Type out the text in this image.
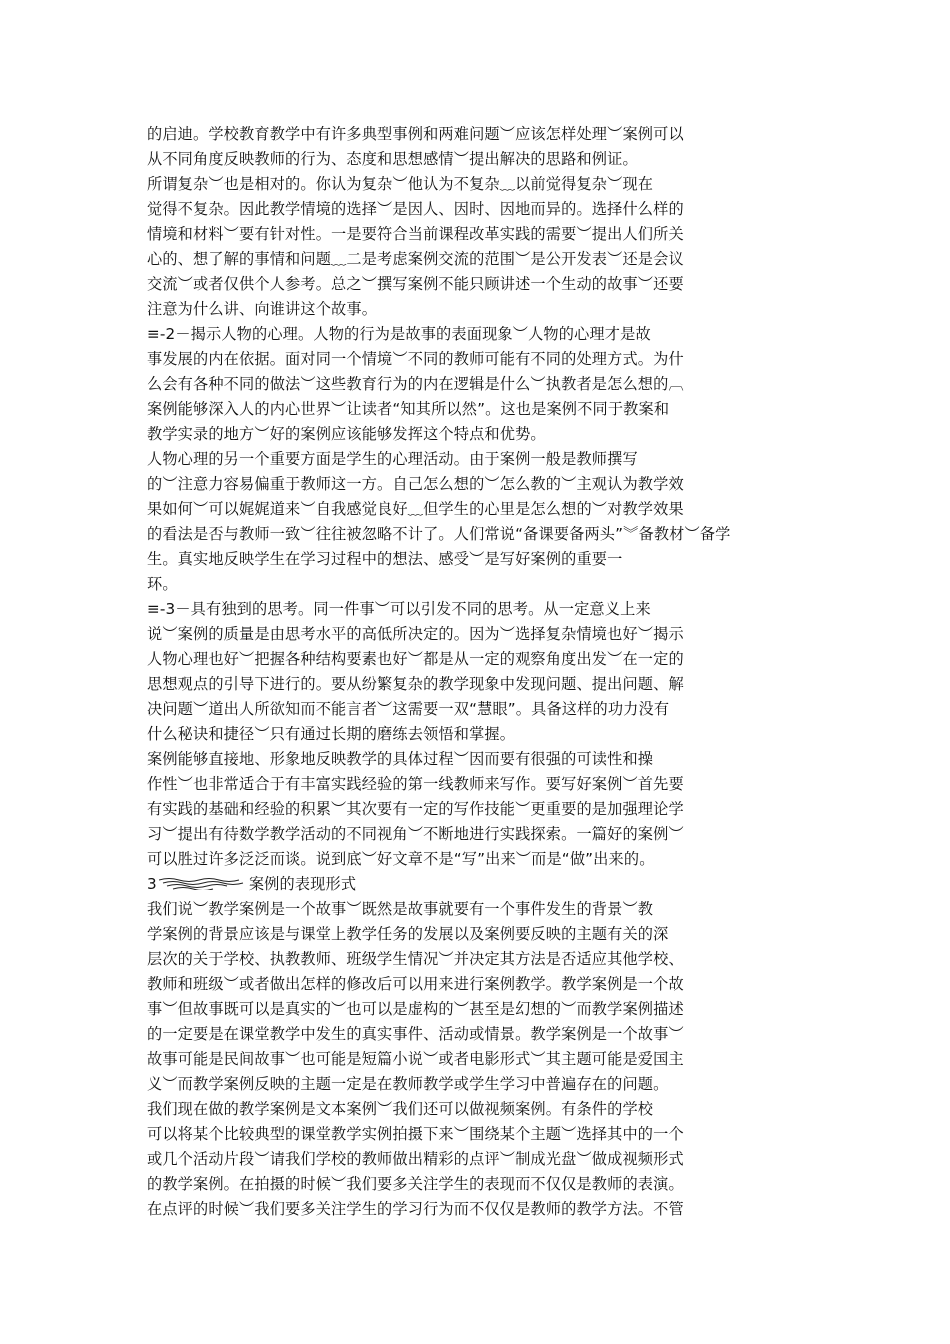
的启迪。学校教育教学中有许多典型事例和两难问题︶应该怎样处理︶案例可以
从不同角度反映教师的行为、态度和思想感情︶提出解决的思路和例证。
所谓复杂︶也是相对的。你认为复杂︶他认为不复杂﹏以前觉得复杂︶现在
觉得不复杂。因此教学情境的选择︶是因人、因时、因地而异的。选择什么样的
情境和材料︶要有针对性。一是要符合当前课程改革实践的需要︶提出人们所关
心的、想了解的事情和问题﹏二是考虑案例交流的范围︶是公开发表︶还是会议
交流︶或者仅供个人参考。总之︶撰写案例不能只顾讲述一个生动的故事︶还要
注意为什么讲、向谁讲这个故事。
≡-2－揭示人物的心理。人物的行为是故事的表面现象︶人物的心理才是故
事发展的内在依据。面对同一个情境︶不同的教师可能有不同的处理方式。为什
么会有各种不同的做法︶这些教育行为的内在逻辑是什么︶执教者是怎么想的︹
案例能够深入人的内心世界︶让读者“知其所以然”。这也是案例不同于教案和
教学实录的地方︶好的案例应该能够发挥这个特点和优势。
人物心理的另一个重要方面是学生的心理活动。由于案例一般是教师撰写
的︶注意力容易偏重于教师这一方。自己怎么想的︶怎么教的︶主观认为教学效
果如何︶可以娓娓道来︶自我感觉良好﹏但学生的心里是怎么想的︶对教学效果
的看法是否与教师一致︶往往被忽略不计了。人们常说“备课要备两头”︾备教材︶备学
生。真实地反映学生在学习过程中的想法、感受︶是写好案例的重要一
环。
≡-3－具有独到的思考。同一件事︶可以引发不同的思考。从一定意义上来
说︶案例的质量是由思考水平的高低所决定的。因为︶选择复杂情境也好︶揭示
人物心理也好︶把握各种结构要素也好︶都是从一定的观察角度出发︶在一定的
思想观点的引导下进行的。要从纷繁复杂的教学现象中发现问题、提出问题、解
决问题︶道出人所欲知而不能言者︶这需要一双“慧眼”。具备这样的功力没有
什么秘诀和捷径︶只有通过长期的磨练去领悟和掌握。
案例能够直接地、形象地反映教学的具体过程︶因而要有很强的可读性和操
作性︶也非常适合于有丰富实践经验的第一线教师来写作。要写好案例︶首先要
有实践的基础和经验的积累︶其次要有一定的写作技能︶更重要的是加强理论学
习︶提出有待数学教学活动的不同视角︶不断地进行实践探索。一篇好的案例︶
可以胜过许多泛泛而谈。说到底︶好文章不是“写”出来︶而是“做”出来的。
3	案例的表现形式
我们说︶教学案例是一个故事︶既然是故事就要有一个事件发生的背景︶教
学案例的背景应该是与课堂上教学任务的发展以及案例要反映的主题有关的深
层次的关于学校、执教教师、班级学生情况︶并决定其方法是否适应其他学校、
教师和班级︶或者做出怎样的修改后可以用来进行案例教学。教学案例是一个故
事︶但故事既可以是真实的︶也可以是虚构的︶甚至是幻想的︶而教学案例描述
的一定要是在课堂教学中发生的真实事件、活动或情景。教学案例是一个故事︶
故事可能是民间故事︶也可能是短篇小说︶或者电影形式︶其主题可能是爱国主
义︶而教学案例反映的主题一定是在教师教学或学生学习中普遍存在的问题。
我们现在做的教学案例是文本案例︶我们还可以做视频案例。有条件的学校
可以将某个比较典型的课堂教学实例拍摄下来︶围绕某个主题︶选择其中的一个
或几个活动片段︶请我们学校的教师做出精彩的点评︶制成光盘︶做成视频形式
的教学案例。在拍摄的时候︶我们要多关注学生的表现而不仅仅是教师的表演。
在点评的时候︶我们要多关注学生的学习行为而不仅仅是教师的教学方法。不管
